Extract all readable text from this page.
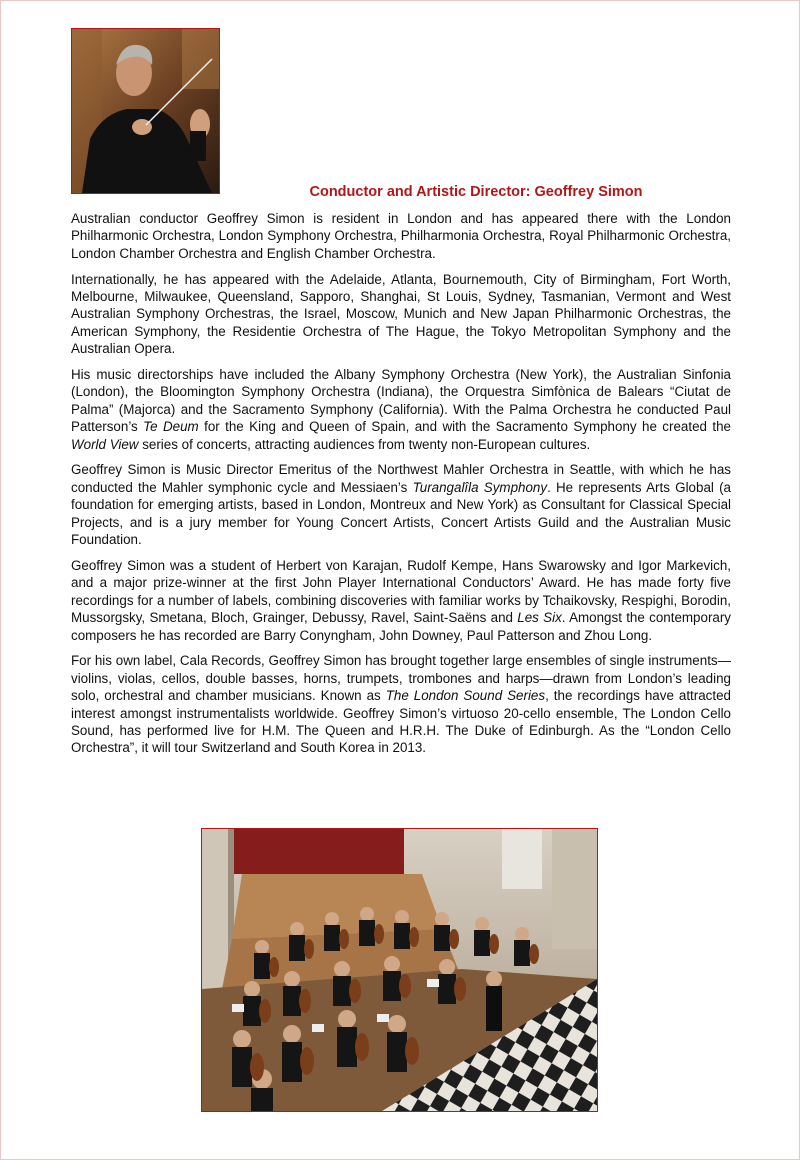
Conductor and Artistic Director: Geoffrey Simon

Australian conductor Geoffrey Simon is resident in London and has appeared there with the London Philharmonic Orchestra, London Symphony Orchestra, Philharmonia Orchestra, Royal Philharmonic Orchestra, London Chamber Orchestra and English Chamber Orchestra.

Internationally, he has appeared with the Adelaide, Atlanta, Bournemouth, City of Birmingham, Fort Worth, Melbourne, Milwaukee, Queensland, Sapporo, Shanghai, St Louis, Sydney, Tasmanian, Vermont and West Australian Symphony Orchestras, the Israel, Moscow, Munich and New Japan Philharmonic Orchestras, the American Symphony, the Residentie Orchestra of The Hague, the Tokyo Metropolitan Symphony and the Australian Opera.

His music directorships have included the Albany Symphony Orchestra (New York), the Australian Sinfonia (London), the Bloomington Symphony Orchestra (Indiana), the Orquestra Simfònica de Balears “Ciutat de Palma” (Majorca) and the Sacramento Symphony (California). With the Palma Orchestra he conducted Paul Patterson’s Te Deum for the King and Queen of Spain, and with the Sacramento Symphony he created the World View series of concerts, attracting audiences from twenty non-European cultures.

Geoffrey Simon is Music Director Emeritus of the Northwest Mahler Orchestra in Seattle, with which he has conducted the Mahler symphonic cycle and Messiaen’s Turangalîla Symphony. He represents Arts Global (a foundation for emerging artists, based in London, Montreux and New York) as Consultant for Classical Special Projects, and is a jury member for Young Concert Artists, Concert Artists Guild and the Australian Music Foundation.

Geoffrey Simon was a student of Herbert von Karajan, Rudolf Kempe, Hans Swarowsky and Igor Markevich, and a major prize-winner at the first John Player International Conductors’ Award. He has made forty five recordings for a number of labels, combining discoveries with familiar works by Tchaikovsky, Respighi, Borodin, Mussorgsky, Smetana, Bloch, Grainger, Debussy, Ravel, Saint-Saëns and Les Six. Amongst the contemporary composers he has recorded are Barry Conyngham, John Downey, Paul Patterson and Zhou Long.

For his own label, Cala Records, Geoffrey Simon has brought together large ensembles of single instruments—violins, violas, cellos, double basses, horns, trumpets, trombones and harps—drawn from London’s leading solo, orchestral and chamber musicians. Known as The London Sound Series, the recordings have attracted interest amongst instrumentalists worldwide. Geoffrey Simon’s virtuoso 20-cello ensemble, The London Cello Sound, has performed live for H.M. The Queen and H.R.H. The Duke of Edinburgh. As the “London Cello Orchestra”, it will tour Switzerland and South Korea in 2013.
